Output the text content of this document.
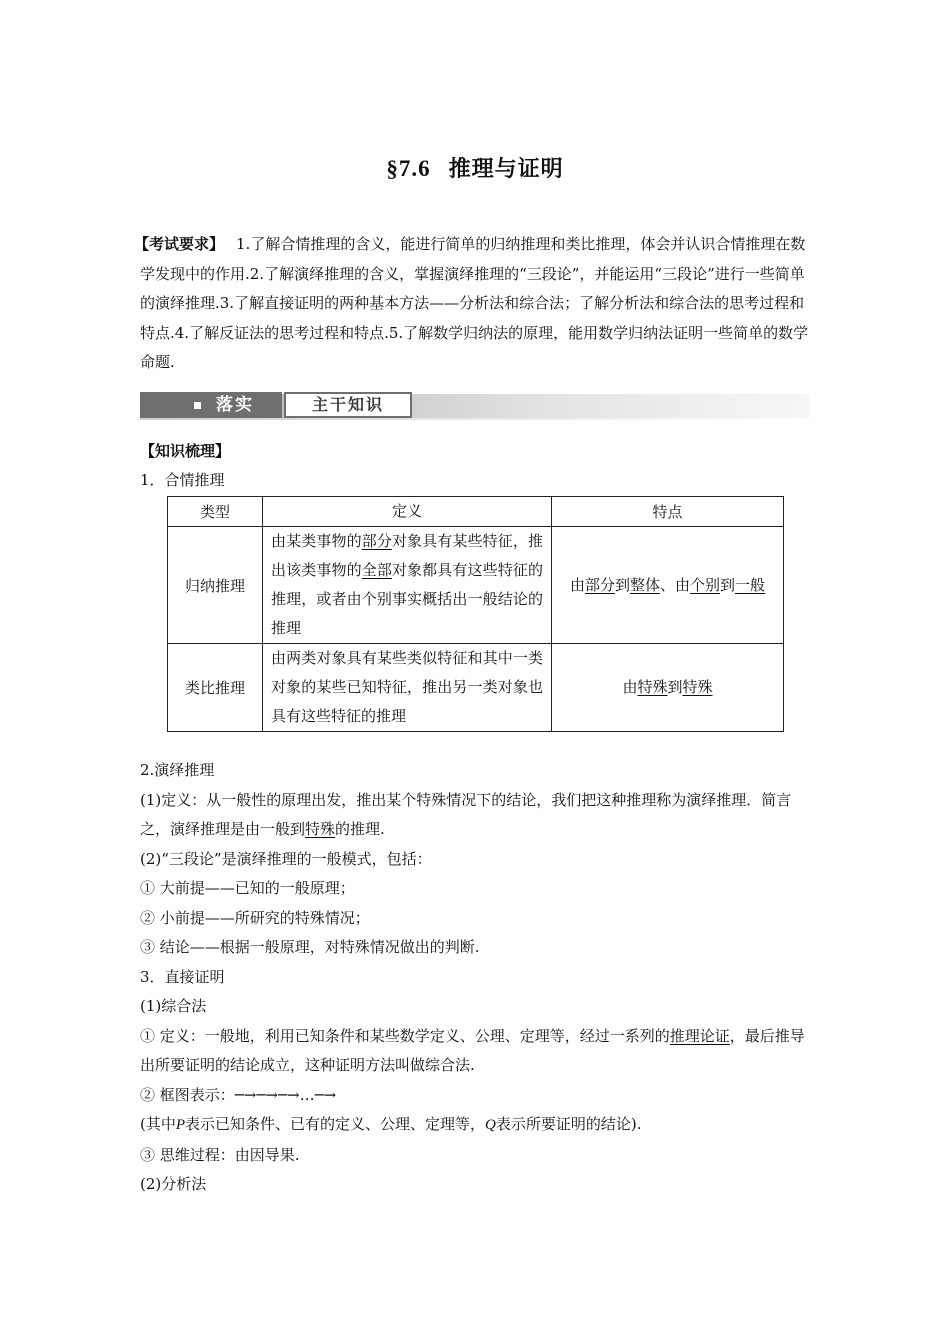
§7.6 推理与证明
【考试要求】 1.了解合情推理的含义，能进行简单的归纳推理和类比推理，体会并认识合情推理在数学发现中的作用.2.了解演绎推理的含义，掌握演绎推理的“三段论”，并能运用“三段论”进行一些简单的演绎推理.3.了解直接证明的两种基本方法——分析法和综合法；了解分析法和综合法的思考过程和特点.4.了解反证法的思考过程和特点.5.了解数学归纳法的原理，能用数学归纳法证明一些简单的数学命题.
落实	主干知识
【知识梳理】
1．合情推理
类型	定义	特点
归纳推理	由某类事物的部分对象具有某些特征，推出该类事物的全部对象都具有这些特征的推理，或者由个别事实概括出一般结论的推理	由部分到整体、由个别到一般
类比推理	由两类对象具有某些类似特征和其中一类对象的某些已知特征，推出另一类对象也具有这些特征的推理	由特殊到特殊

2.演绎推理

(1)定义：从一般性的原理出发，推出某个特殊情况下的结论，我们把这种推理称为演绎推理．简言之，演绎推理是由一般到特殊的推理.

(2)“三段论”是演绎推理的一般模式，包括：

① 大前提——已知的一般原理；

② 小前提——所研究的特殊情况；

③ 结论——根据一般原理，对特殊情况做出的判断.

3．直接证明

(1)综合法

① 定义：一般地，利用已知条件和某些数学定义、公理、定理等，经过一系列的推理论证，最后推导出所要证明的结论成立，这种证明方法叫做综合法.

② 框图表示：─→─→─→…─→

(其中P表示已知条件、已有的定义、公理、定理等，Q表示所要证明的结论).

③ 思维过程：由因导果.

(2)分析法
